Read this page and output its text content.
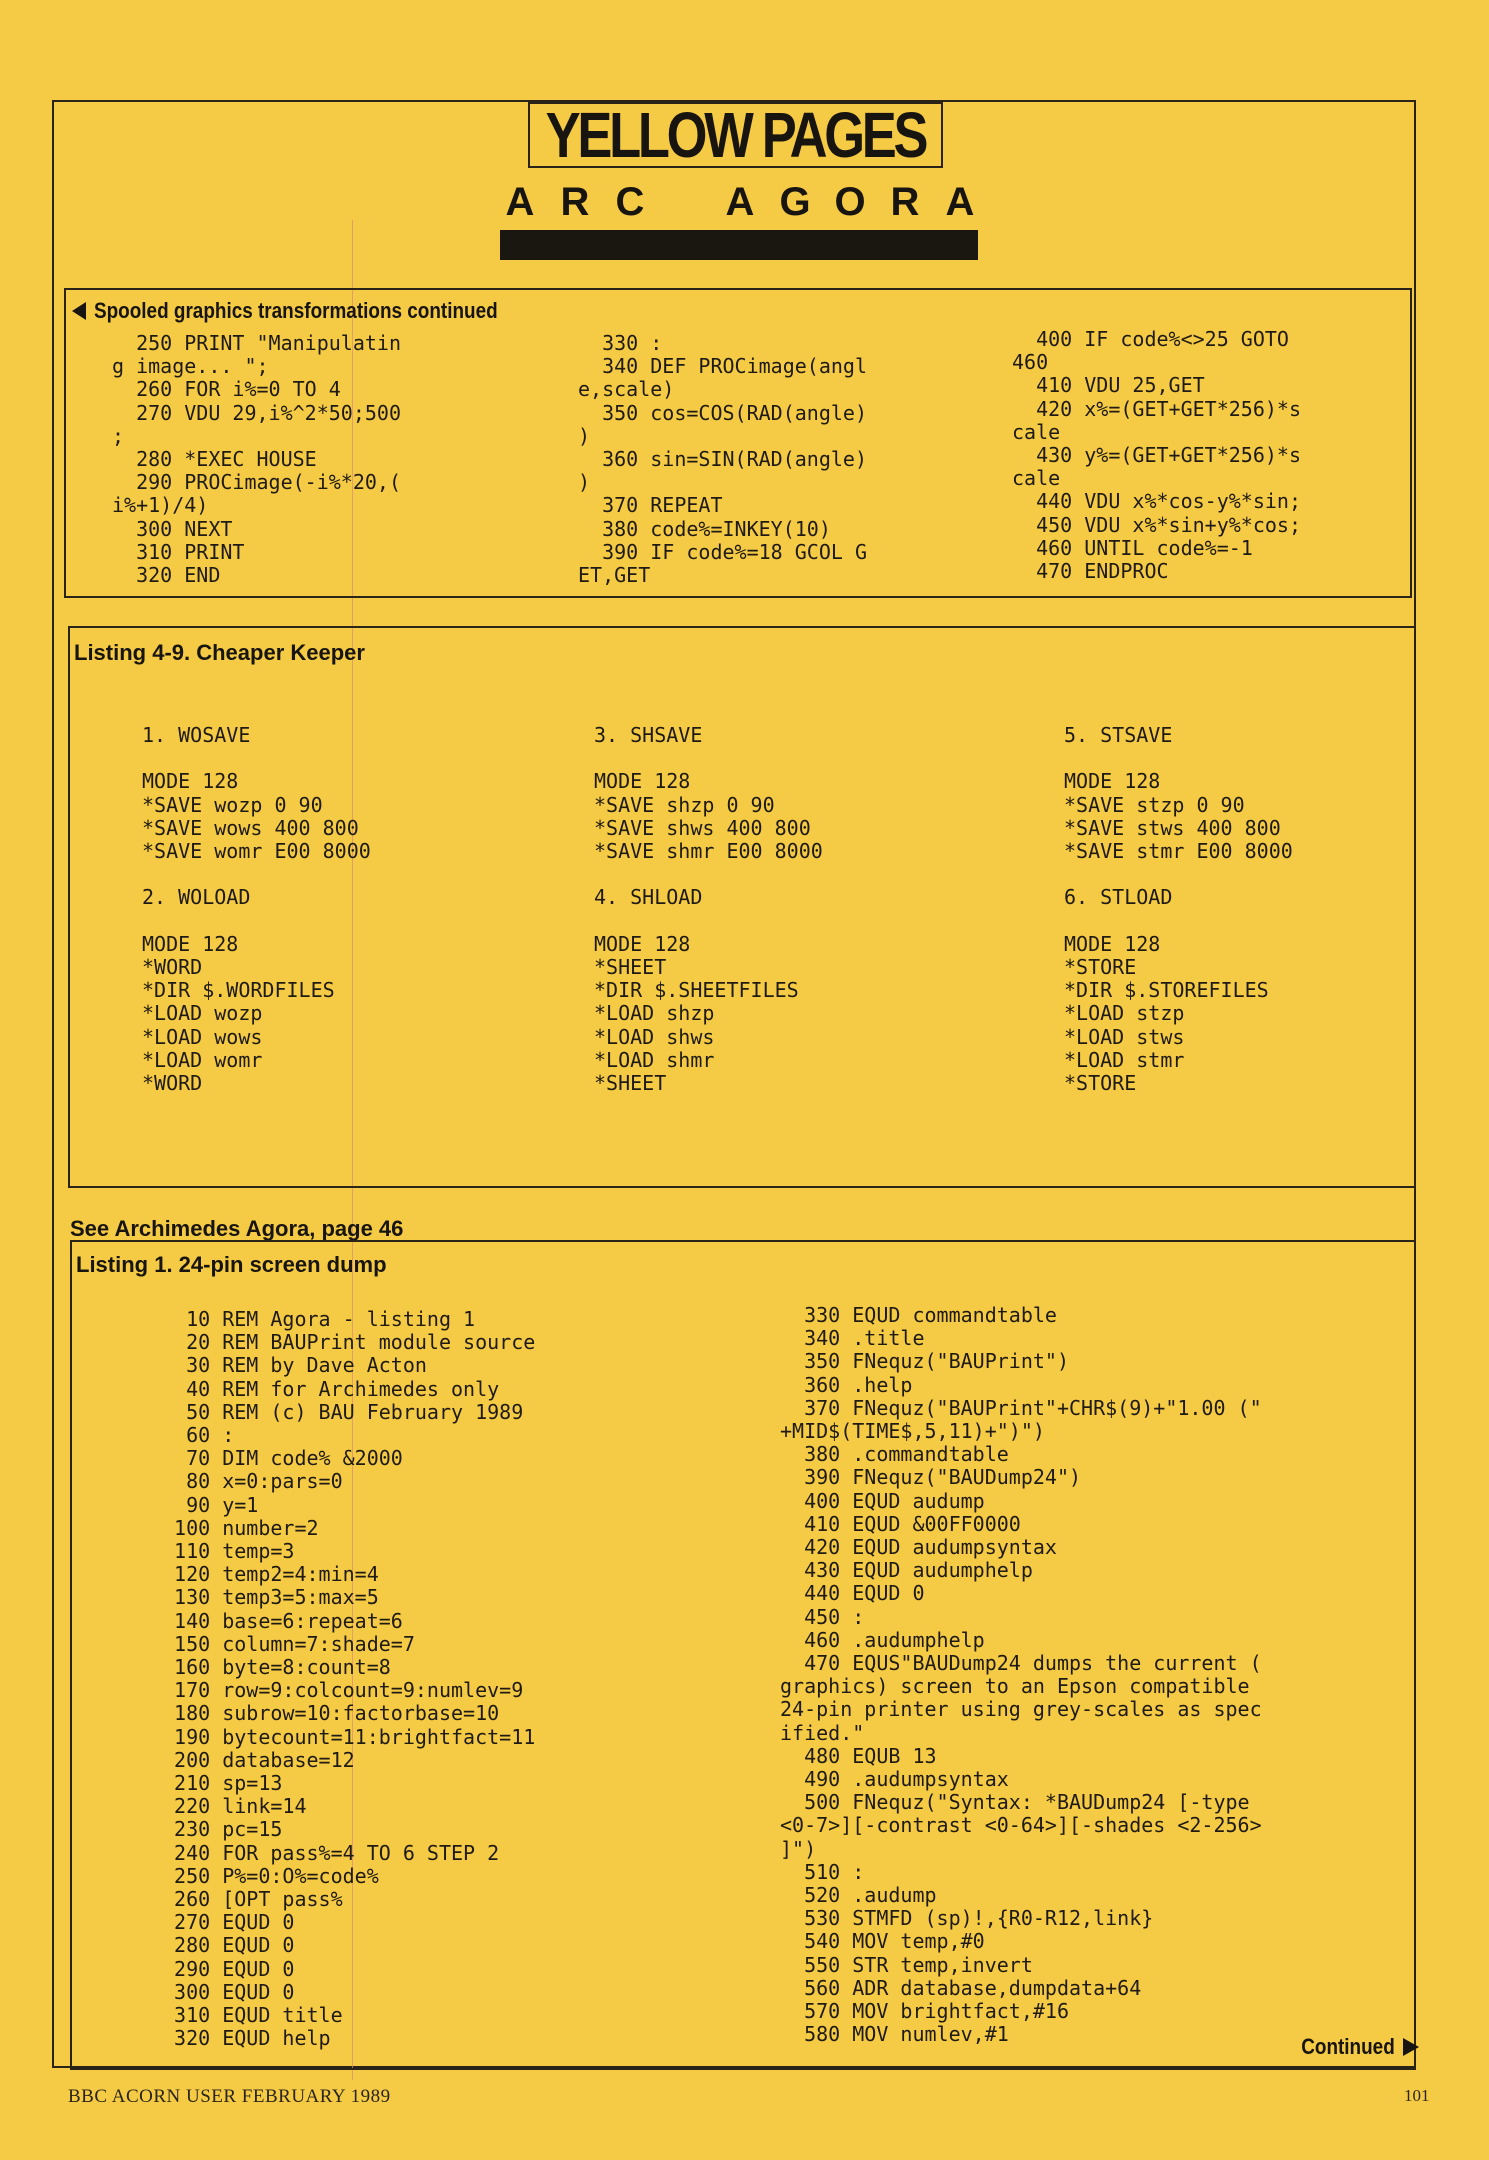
YELLOW PAGES
A R C A G O R A
Spooled graphics transformations continued
250 PRINT "Manipulatin
g image... ";
260 FOR i%=0 TO 4
270 VDU 29,i%^2*50;500
;
280 *EXEC HOUSE
290 PROCimage(-i%*20,(
i%+1)/4)
300 NEXT
310 PRINT
320 END
330 :
340 DEF PROCimage(angl
e,scale)
350 cos=COS(RAD(angle)
)
360 sin=SIN(RAD(angle)
)
370 REPEAT
380 code%=INKEY(10)
390 IF code%=18 GCOL G
ET,GET
400 IF code%<>25 GOTO
460
410 VDU 25,GET
420 x%=(GET+GET*256)*s
cale
430 y%=(GET+GET*256)*s
cale
440 VDU x%*cos-y%*sin;
450 VDU x%*sin+y%*cos;
460 UNTIL code%=-1
470 ENDPROC
Listing 4-9. Cheaper Keeper
1. WOSAVE

MODE 128
*SAVE wozp 0 90
*SAVE wows 400 800
*SAVE womr E00 8000

2. WOLOAD

MODE 128
*WORD
*DIR $.WORDFILES
*LOAD wozp
*LOAD wows
*LOAD womr
*WORD
3. SHSAVE

MODE 128
*SAVE shzp 0 90
*SAVE shws 400 800
*SAVE shmr E00 8000

4. SHLOAD

MODE 128
*SHEET
*DIR $.SHEETFILES
*LOAD shzp
*LOAD shws
*LOAD shmr
*SHEET
5. STSAVE

MODE 128
*SAVE stzp 0 90
*SAVE stws 400 800
*SAVE stmr E00 8000

6. STLOAD

MODE 128
*STORE
*DIR $.STOREFILES
*LOAD stzp
*LOAD stws
*LOAD stmr
*STORE
See Archimedes Agora, page 46
Listing 1. 24-pin screen dump
10 REM Agora - listing 1
20 REM BAUPrint module source
30 REM by Dave Acton
40 REM for Archimedes only
50 REM (c) BAU February 1989
60 :
70 DIM code% &2000
80 x=0:pars=0
90 y=1
100 number=2
110 temp=3
120 temp2=4:min=4
130 temp3=5:max=5
140 base=6:repeat=6
150 column=7:shade=7
160 byte=8:count=8
170 row=9:colcount=9:numlev=9
180 subrow=10:factorbase=10
190 bytecount=11:brightfact=11
200 database=12
210 sp=13
220 link=14
230 pc=15
240 FOR pass%=4 TO 6 STEP 2
250 P%=0:O%=code%
260 [OPT pass%
270 EQUD 0
280 EQUD 0
290 EQUD 0
300 EQUD 0
310 EQUD title
320 EQUD help
330 EQUD commandtable
340 .title
350 FNequz("BAUPrint")
360 .help
370 FNequz("BAUPrint"+CHR$(9)+"1.00 ("
+MID$(TIME$,5,11)+")")
380 .commandtable
390 FNequz("BAUDump24")
400 EQUD audump
410 EQUD &00FF0000
420 EQUD audumpsyntax
430 EQUD audumphelp
440 EQUD 0
450 :
460 .audumphelp
470 EQUS"BAUDump24 dumps the current (
graphics) screen to an Epson compatible
24-pin printer using grey-scales as spec
ified."
480 EQUB 13
490 .audumpsyntax
500 FNequz("Syntax: *BAUDump24 [-type
<0-7>][-contrast <0-64>][-shades <2-256>
]")
510 :
520 .audump
530 STMFD (sp)!,{R0-R12,link}
540 MOV temp,#0
550 STR temp,invert
560 ADR database,dumpdata+64
570 MOV brightfact,#16
580 MOV numlev,#1	Continued
BBC ACORN USER FEBRUARY 1989	101
